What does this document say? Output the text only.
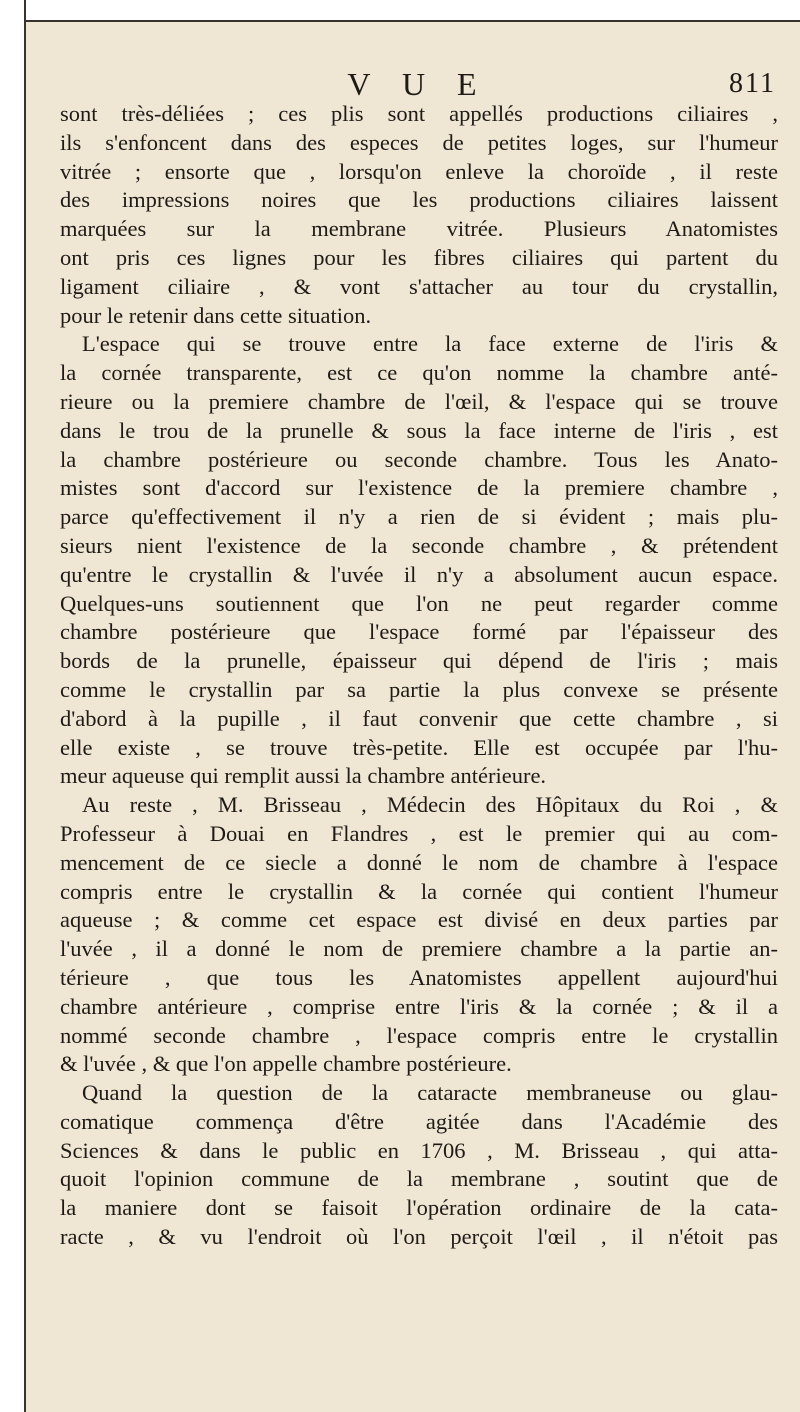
V U E	811
sont très-déliées ; ces plis sont appellés productions ciliaires ,
ils s'enfoncent dans des especes de petites loges, sur l'humeur
vitrée ; ensorte que , lorsqu'on enleve la choroïde , il reste
des impressions noires que les productions ciliaires laissent
marquées sur la membrane vitrée. Plusieurs Anatomistes
ont pris ces lignes pour les fibres ciliaires qui partent du
ligament ciliaire , & vont s'attacher au tour du crystallin,
pour le retenir dans cette situation.
L'espace qui se trouve entre la face externe de l'iris &
la cornée transparente, est ce qu'on nomme la chambre anté-
rieure ou la premiere chambre de l'œil, & l'espace qui se trouve
dans le trou de la prunelle & sous la face interne de l'iris , est
la chambre postérieure ou seconde chambre. Tous les Anato-
mistes sont d'accord sur l'existence de la premiere chambre ,
parce qu'effectivement il n'y a rien de si évident ; mais plu-
sieurs nient l'existence de la seconde chambre , & prétendent
qu'entre le crystallin & l'uvée il n'y a absolument aucun espace.
Quelques-uns soutiennent que l'on ne peut regarder comme
chambre postérieure que l'espace formé par l'épaisseur des
bords de la prunelle, épaisseur qui dépend de l'iris ; mais
comme le crystallin par sa partie la plus convexe se présente
d'abord à la pupille , il faut convenir que cette chambre , si
elle existe , se trouve très-petite. Elle est occupée par l'hu-
meur aqueuse qui remplit aussi la chambre antérieure.
Au reste , M. Brisseau , Médecin des Hôpitaux du Roi , &
Professeur à Douai en Flandres , est le premier qui au com-
mencement de ce siecle a donné le nom de chambre à l'espace
compris entre le crystallin & la cornée qui contient l'humeur
aqueuse ; & comme cet espace est divisé en deux parties par
l'uvée , il a donné le nom de premiere chambre a la partie an-
térieure , que tous les Anatomistes appellent aujourd'hui
chambre antérieure , comprise entre l'iris & la cornée ; & il a
nommé seconde chambre , l'espace compris entre le crystallin
& l'uvée , & que l'on appelle chambre postérieure.
Quand la question de la cataracte membraneuse ou glau-
comatique commença d'être agitée dans l'Académie des
Sciences & dans le public en 1706 , M. Brisseau , qui atta-
quoit l'opinion commune de la membrane , soutint que de
la maniere dont se faisoit l'opération ordinaire de la cata-
racte , & vu l'endroit où l'on perçoit l'œil , il n'étoit pas
